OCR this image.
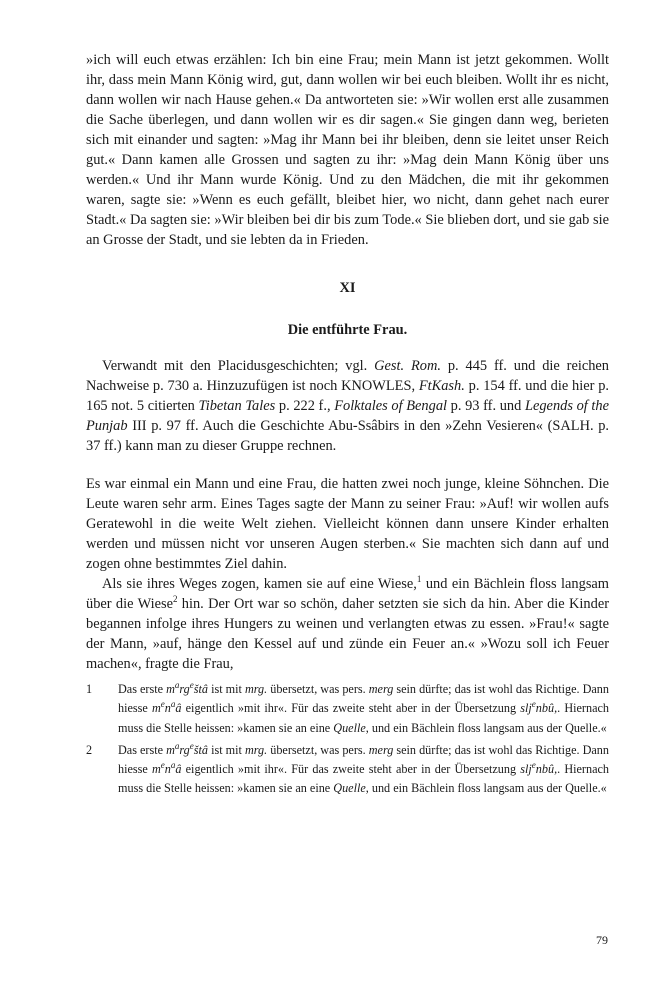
»ich will euch etwas erzählen: Ich bin eine Frau; mein Mann ist jetzt gekommen. Wollt ihr, dass mein Mann König wird, gut, dann wollen wir bei euch bleiben. Wollt ihr es nicht, dann wollen wir nach Hause gehen.« Da antworteten sie: »Wir wollen erst alle zusammen die Sache überlegen, und dann wollen wir es dir sagen.« Sie gingen dann weg, berieten sich mit einander und sagten: »Mag ihr Mann bei ihr bleiben, denn sie leitet unser Reich gut.« Dann kamen alle Grossen und sagten zu ihr: »Mag dein Mann König über uns werden.« Und ihr Mann wurde König. Und zu den Mädchen, die mit ihr gekommen waren, sagte sie: »Wenn es euch gefällt, bleibet hier, wo nicht, dann gehet nach eurer Stadt.« Da sagten sie: »Wir bleiben bei dir bis zum Tode.« Sie blieben dort, und sie gab sie an Grosse der Stadt, und sie lebten da in Frieden.

XI
Die entführte Frau.

Verwandt mit den Placidusgeschichten; vgl. Gest. Rom. p. 445 ff. und die reichen Nachweise p. 730 a. Hinzuzufügen ist noch KNOWLES, FtKash. p. 154 ff. und die hier p. 165 not. 5 citierten Tibetan Tales p. 222 f., Folktales of Bengal p. 93 ff. und Legends of the Punjab III p. 97 ff. Auch die Geschichte Abu-Ssâbirs in den »Zehn Vesieren« (SALH. p. 37 ff.) kann man zu dieser Gruppe rechnen.

Es war einmal ein Mann und eine Frau, die hatten zwei noch junge, kleine Söhnchen. Die Leute waren sehr arm. Eines Tages sagte der Mann zu seiner Frau: »Auf! wir wollen aufs Geratewohl in die weite Welt ziehen. Vielleicht können dann unsere Kinder erhalten werden und müssen nicht vor unseren Augen sterben.« Sie machten sich dann auf und zogen ohne bestimmtes Ziel dahin.

Als sie ihres Weges zogen, kamen sie auf eine Wiese,$^1$ und ein Bächlein floss langsam über die Wiese$^2$ hin. Der Ort war so schön, daher setzten sie sich da hin. Aber die Kinder begannen infolge ihres Hungers zu weinen und verlangten etwas zu essen. »Frau!« sagte der Mann, »auf, hänge den Kessel auf und zünde ein Feuer an.« »Wozu soll ich Feuer machen«, fragte die Frau,

1	Das erste $m^arg^eštâ$ ist mit mrg. übersetzt, was pers. merg sein dürfte; das ist wohl das Richtige. Dann hiesse $m^en^aâ$ eigentlich »mit ihr«. Für das zweite steht aber in der Übersetzung slj$^e$nbû,. Hiernach muss die Stelle heissen: »kamen sie an eine Quelle, und ein Bächlein floss langsam aus der Quelle.«
2	Das erste $m^arg^eštâ$ ist mit mrg. übersetzt, was pers. merg sein dürfte; das ist wohl das Richtige. Dann hiesse $m^en^aâ$ eigentlich »mit ihr«. Für das zweite steht aber in der Übersetzung slj$^e$nbû,. Hiernach muss die Stelle heissen: »kamen sie an eine Quelle, und ein Bächlein floss langsam aus der Quelle.«
79
